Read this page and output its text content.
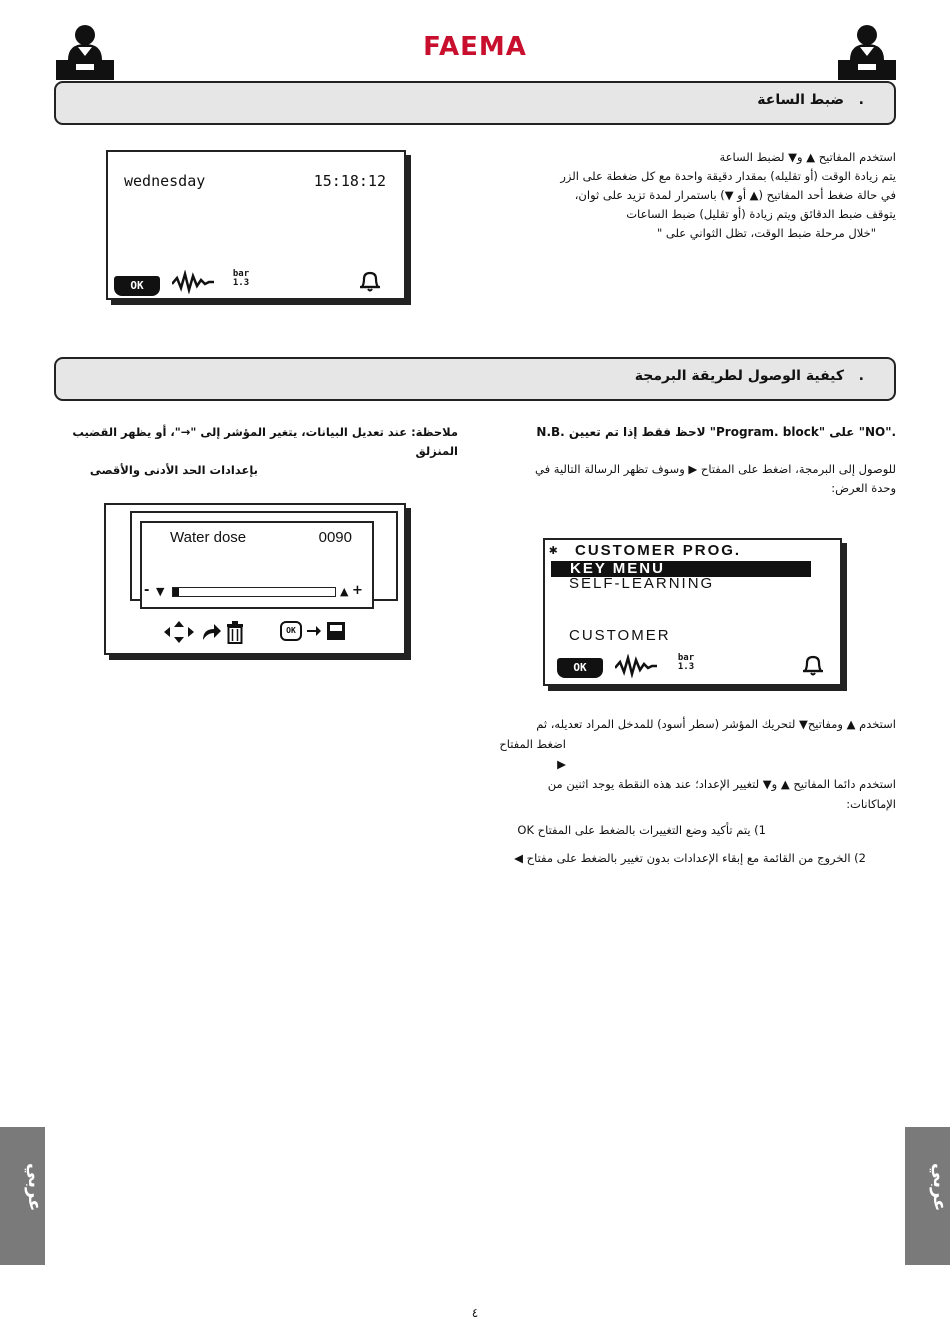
FAEMA
.
ضبط الساعة

استخدم المفاتيح ▲ و▼ لضبط الساعة

يتم زيادة الوقت (أو تقليله) بمقدار دقيقة واحدة مع كل ضغطة على الزر

في حالة ضغط أحد المفاتيح (▲ أو ▼) باستمرار لمدة تزيد على ثوان،

يتوقف ضبط الدقائق ويتم زيادة (أو تقليل) ضبط الساعات

"خلال مرحلة ضبط الوقت، تظل الثواني على "

wednesday	15:18:12
OK
bar
1.3
.
كيفية الوصول لطريقة البرمجة
N.B. لاحظ فقط إذا تم تعيين "Program. block" على "NO".

للوصول إلى البرمجة، اضغط على المفتاح ▶ وسوف تظهر الرسالة التالية في

وحدة العرض:

ملاحظة: عند تعديل البيانات، يتغير المؤشر إلى "→"، أو يظهر القضيب المنزلق

بإعدادات الحد الأدنى والأقصى

Water dose	0090
- ▼	▲ +
OK
✱ CUSTOMER PROG.
KEY MENU
SELF-LEARNING
CUSTOMER
OK
bar
1.3

استخدم ▲ ومفاتيح▼ لتحريك المؤشر (سطر أسود) للمدخل المراد تعديله، ثم

اضغط المفتاح ▶

استخدم دائما المفاتيح ▲ و▼ لتغيير الإعداد؛ عند هذه النقطة يوجد اثنين من

الإماكانات:

1) يتم تأكيد وضع التغييرات بالضغط على المفتاح OK

2) الخروج من القائمة مع إبقاء الإعدادات بدون تغيير بالضغط على مفتاح ◀

عربي	عربي
٤
